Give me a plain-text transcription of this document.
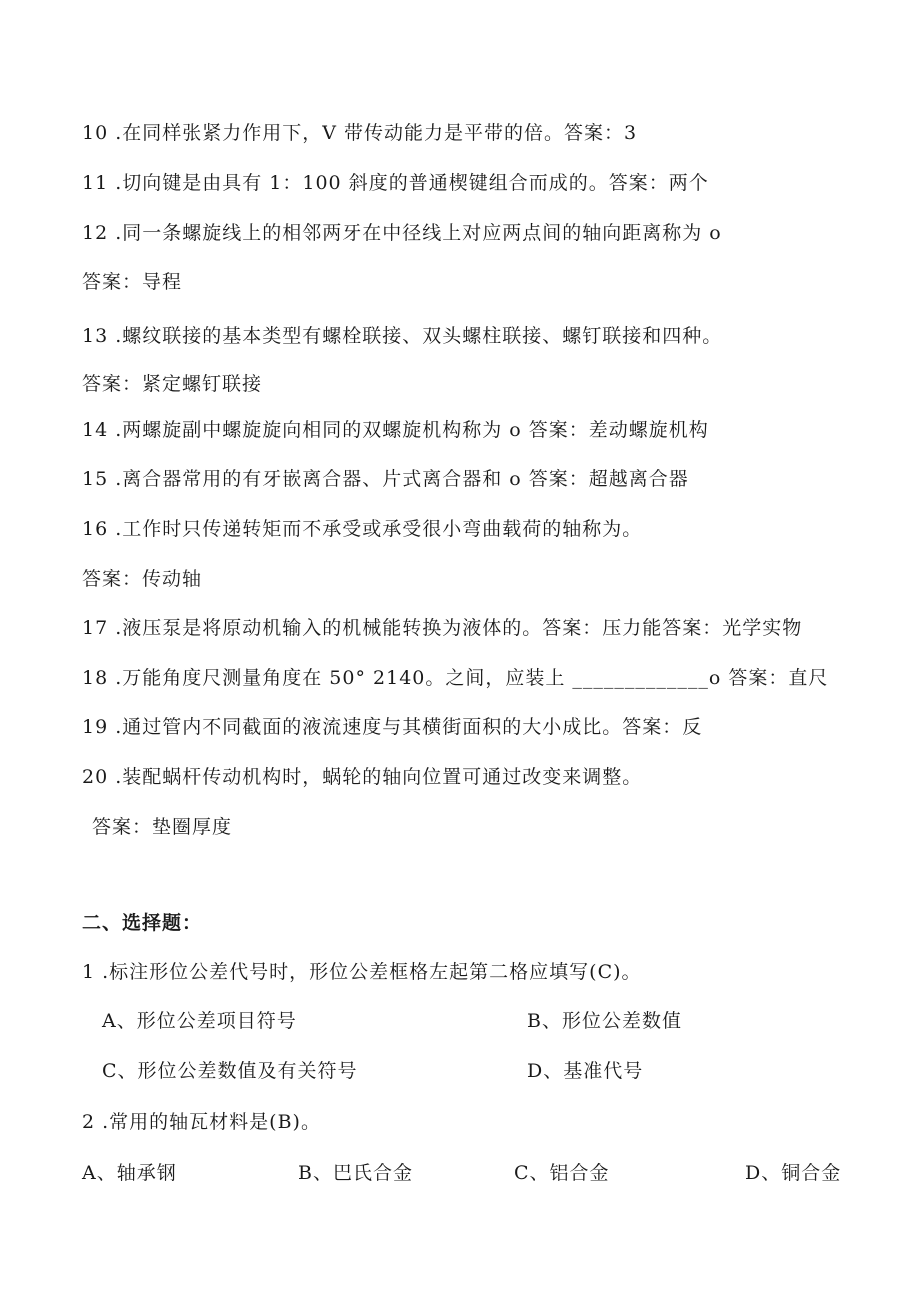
10 .在同样张紧力作用下，V 带传动能力是平带的倍。答案：3
11 .切向键是由具有 1：100 斜度的普通楔键组合而成的。答案：两个
12 .同一条螺旋线上的相邻两牙在中径线上对应两点间的轴向距离称为 o
答案：导程
13 .螺纹联接的基本类型有螺栓联接、双头螺柱联接、螺钉联接和四种。
答案：紧定螺钉联接
14 .两螺旋副中螺旋旋向相同的双螺旋机构称为 o 答案：差动螺旋机构
15 .离合器常用的有牙嵌离合器、片式离合器和 o 答案：超越离合器
16 .工作时只传递转矩而不承受或承受很小弯曲载荷的轴称为。
答案：传动轴
17 .液压泵是将原动机输入的机械能转换为液体的。答案：压力能答案：光学实物
18 .万能角度尺测量角度在 50° 2140。之间，应装上 _____________o 答案：直尺
19 .通过管内不同截面的液流速度与其横街面积的大小成比。答案：反
20 .装配蜗杆传动机构时，蜗轮的轴向位置可通过改变来调整。
答案：垫圈厚度
二、选择题：
1 .标注形位公差代号时，形位公差框格左起第二格应填写(C)。
A、形位公差项目符号	B、形位公差数值
C、形位公差数值及有关符号	D、基准代号
2 .常用的轴瓦材料是(B)。
A、轴承钢	B、巴氏合金	C、铝合金	D、铜合金
